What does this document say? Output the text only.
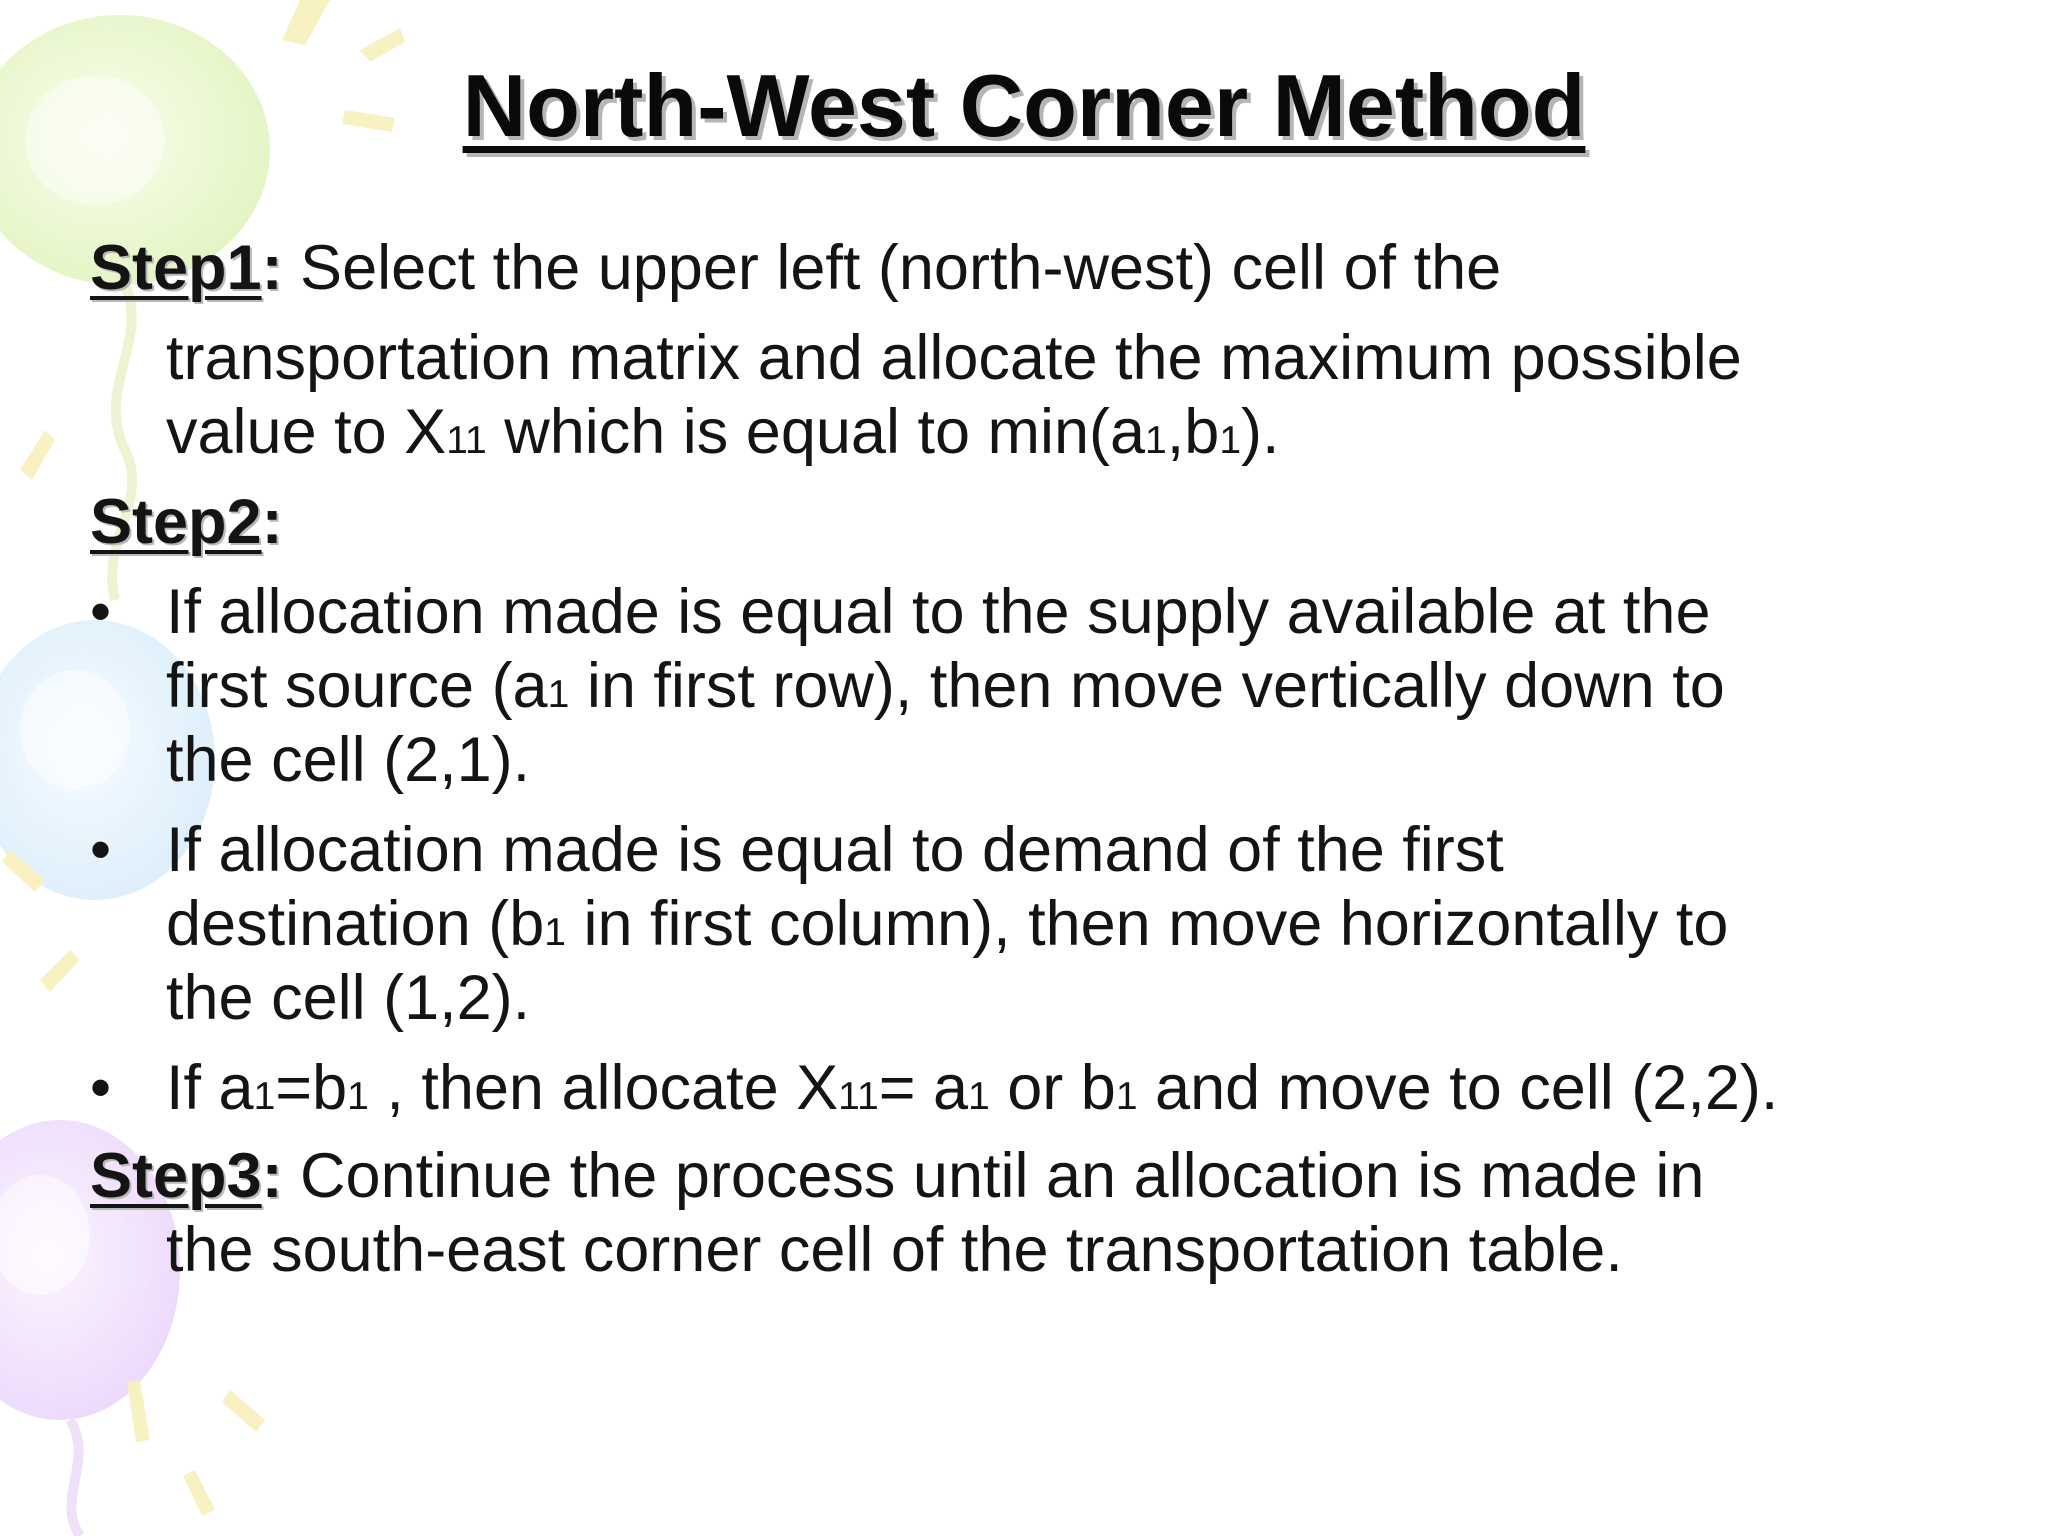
North-West Corner Method
Step1: Select the upper left (north-west) cell of the
transportation matrix and allocate the maximum possible
value to X11 which is equal to min(a1,b1).
Step2:
• If allocation made is equal to the supply available at the
first source (a1 in first row), then move vertically down to
the cell (2,1).
• If allocation made is equal to demand of the first
destination (b1 in first column), then move horizontally to
the cell (1,2).
• If a1=b1 , then allocate X11= a1 or b1 and move to cell (2,2).
Step3: Continue the process until an allocation is made in
the south-east corner cell of the transportation table.
